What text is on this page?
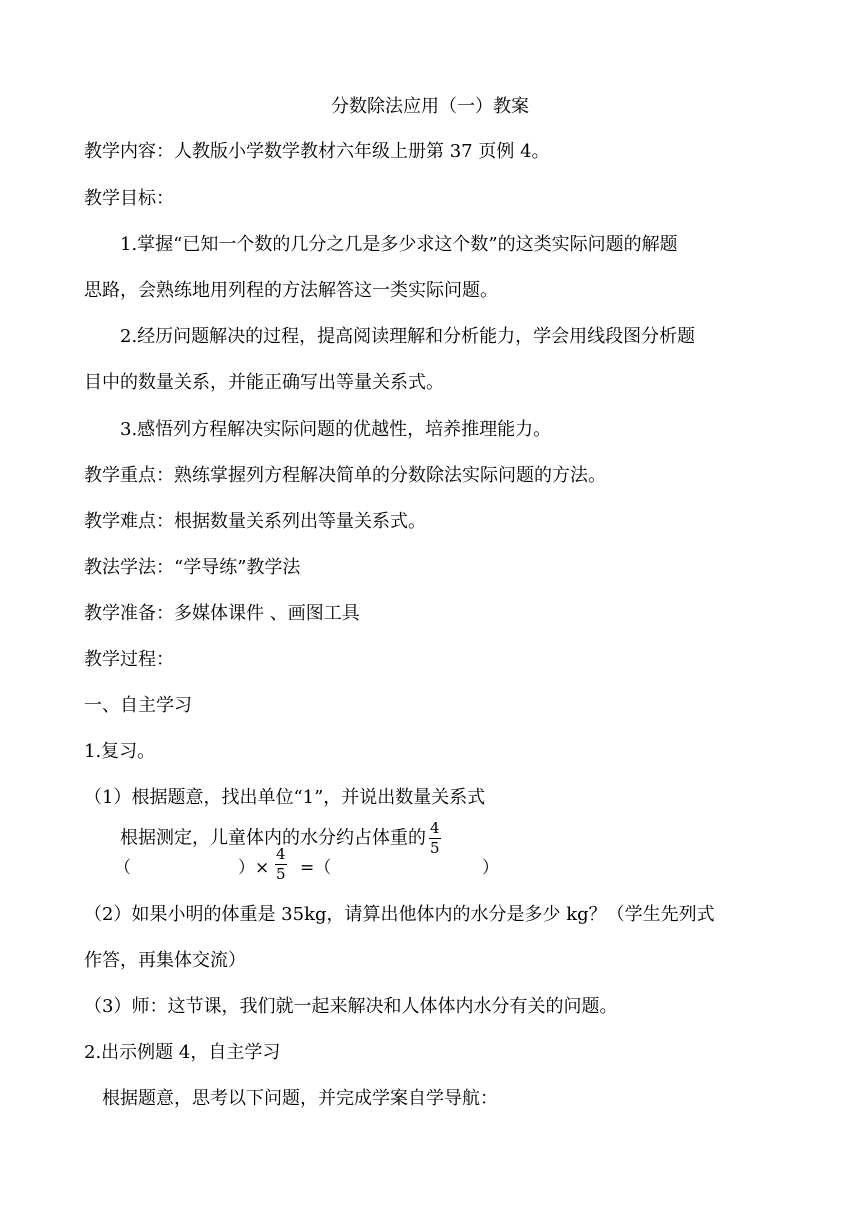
分数除法应用（一）教案
教学内容：人教版小学数学教材六年级上册第 37 页例 4。
教学目标：
1.掌握“已知一个数的几分之几是多少求这个数”的这类实际问题的解题
思路，会熟练地用列程的方法解答这一类实际问题。
2.经历问题解决的过程，提高阅读理解和分析能力，学会用线段图分析题
目中的数量关系，并能正确写出等量关系式。
3.感悟列方程解决实际问题的优越性，培养推理能力。
教学重点：熟练掌握列方程解决简单的分数除法实际问题的方法。
教学难点：根据数量关系列出等量关系式。
教法学法：“学导练”教学法
教学准备：多媒体课件 、画图工具
教学过程：
一、自主学习
1.复习。
（1）根据题意，找出单位“1”，并说出数量关系式
根据测定，儿童体内的水分约占体重的 $\frac{4}{5}$
（	）×
4
5 =（	）
（2）如果小明的体重是 35kg，请算出他体内的水分是多少 kg？（学生先列式
作答，再集体交流）
（3）师：这节课，我们就一起来解决和人体体内水分有关的问题。
2.出示例题 4，自主学习
根据题意，思考以下问题，并完成学案自学导航：
